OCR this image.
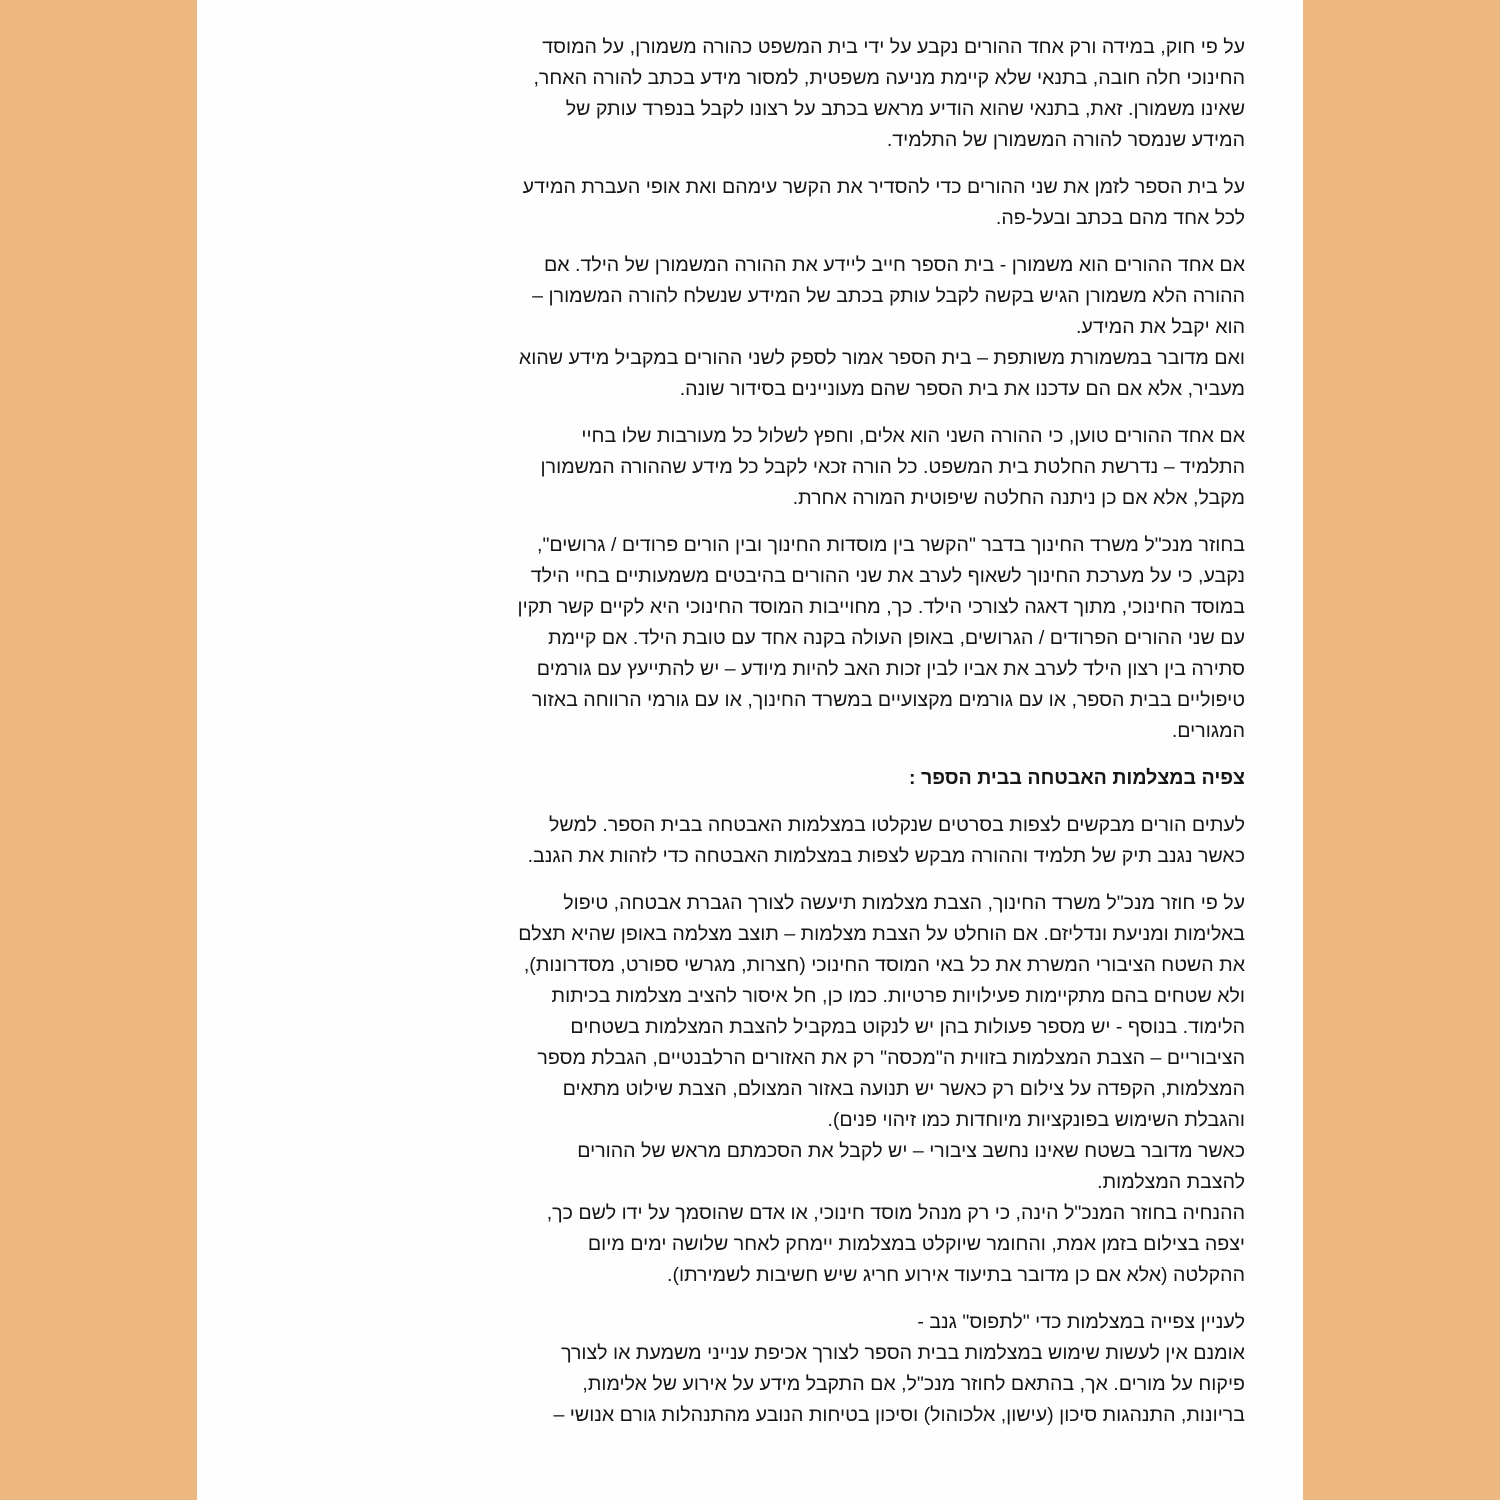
על פי חוק, במידה ורק אחד ההורים נקבע על ידי בית המשפט כהורה משמורן, על המוסד
החינוכי חלה חובה, בתנאי שלא קיימת מניעה משפטית, למסור מידע בכתב להורה האחר,
שאינו משמורן. זאת, בתנאי שהוא הודיע מראש בכתב על רצונו לקבל בנפרד עותק של
המידע שנמסר להורה המשמורן של התלמיד.
על בית הספר לזמן את שני ההורים כדי להסדיר את הקשר עימהם ואת אופי העברת המידע
לכל אחד מהם בכתב ובעל-פה.
אם אחד ההורים הוא משמורן - בית הספר חייב ליידע את ההורה המשמורן של הילד. אם
ההורה הלא משמורן הגיש בקשה לקבל עותק בכתב של המידע שנשלח להורה המשמורן –
הוא יקבל את המידע.
ואם מדובר במשמורת משותפת – בית הספר אמור לספק לשני ההורים במקביל מידע שהוא
מעביר, אלא אם הם עדכנו את בית הספר שהם מעוניינים בסידור שונה.
אם אחד ההורים טוען, כי ההורה השני הוא אלים, וחפץ לשלול כל מעורבות שלו בחיי
התלמיד – נדרשת החלטת בית המשפט. כל הורה זכאי לקבל כל מידע שההורה המשמורן
מקבל, אלא אם כן ניתנה החלטה שיפוטית המורה אחרת.
בחוזר מנכ"ל משרד החינוך בדבר "הקשר בין מוסדות החינוך ובין הורים פרודים / גרושים",
נקבע, כי על מערכת החינוך לשאוף לערב את שני ההורים בהיבטים משמעותיים בחיי הילד
במוסד החינוכי, מתוך דאגה לצורכי הילד. כך, מחוייבות המוסד החינוכי היא לקיים קשר תקין
עם שני ההורים הפרודים / הגרושים, באופן העולה בקנה אחד עם טובת הילד. אם קיימת
סתירה בין רצון הילד לערב את אביו לבין זכות האב להיות מיודע – יש להתייעץ עם גורמים
טיפוליים בבית הספר, או עם גורמים מקצועיים במשרד החינוך, או עם גורמי הרווחה באזור
המגורים.
צפיה במצלמות האבטחה בבית הספר :
לעתים הורים מבקשים לצפות בסרטים שנקלטו במצלמות האבטחה בבית הספר. למשל
כאשר נגנב תיק של תלמיד וההורה מבקש לצפות במצלמות האבטחה כדי לזהות את הגנב.
על פי חוזר מנכ"ל משרד החינוך, הצבת מצלמות תיעשה לצורך הגברת אבטחה, טיפול
באלימות ומניעת ונדליזם. אם הוחלט על הצבת מצלמות – תוצב מצלמה באופן שהיא תצלם
את השטח הציבורי המשרת את כל באי המוסד החינוכי (חצרות, מגרשי ספורט, מסדרונות),
ולא שטחים בהם מתקיימות פעילויות פרטיות. כמו כן, חל איסור להציב מצלמות בכיתות
הלימוד. בנוסף - יש מספר פעולות בהן יש לנקוט במקביל להצבת המצלמות בשטחים
הציבוריים – הצבת המצלמות בזווית ה"מכסה" רק את האזורים הרלבנטיים, הגבלת מספר
המצלמות, הקפדה על צילום רק כאשר יש תנועה באזור המצולם, הצבת שילוט מתאים
והגבלת השימוש בפונקציות מיוחדות כמו זיהוי פנים).
כאשר מדובר בשטח שאינו נחשב ציבורי – יש לקבל את הסכמתם מראש של ההורים
להצבת המצלמות.
ההנחיה בחוזר המנכ"ל הינה, כי רק מנהל מוסד חינוכי, או אדם שהוסמך על ידו לשם כך,
יצפה בצילום בזמן אמת, והחומר שיוקלט במצלמות יימחק לאחר שלושה ימים מיום
ההקלטה (אלא אם כן מדובר בתיעוד אירוע חריג שיש חשיבות לשמירתו).
לעניין צפייה במצלמות כדי "לתפוס" גנב -
אומנם אין לעשות שימוש במצלמות בבית הספר לצורך אכיפת ענייני משמעת או לצורך
פיקוח על מורים. אך, בהתאם לחוזר מנכ"ל, אם התקבל מידע על אירוע של אלימות,
בריונות, התנהגות סיכון (עישון, אלכוהול) וסיכון בטיחות הנובע מהתנהלות גורם אנושי –
